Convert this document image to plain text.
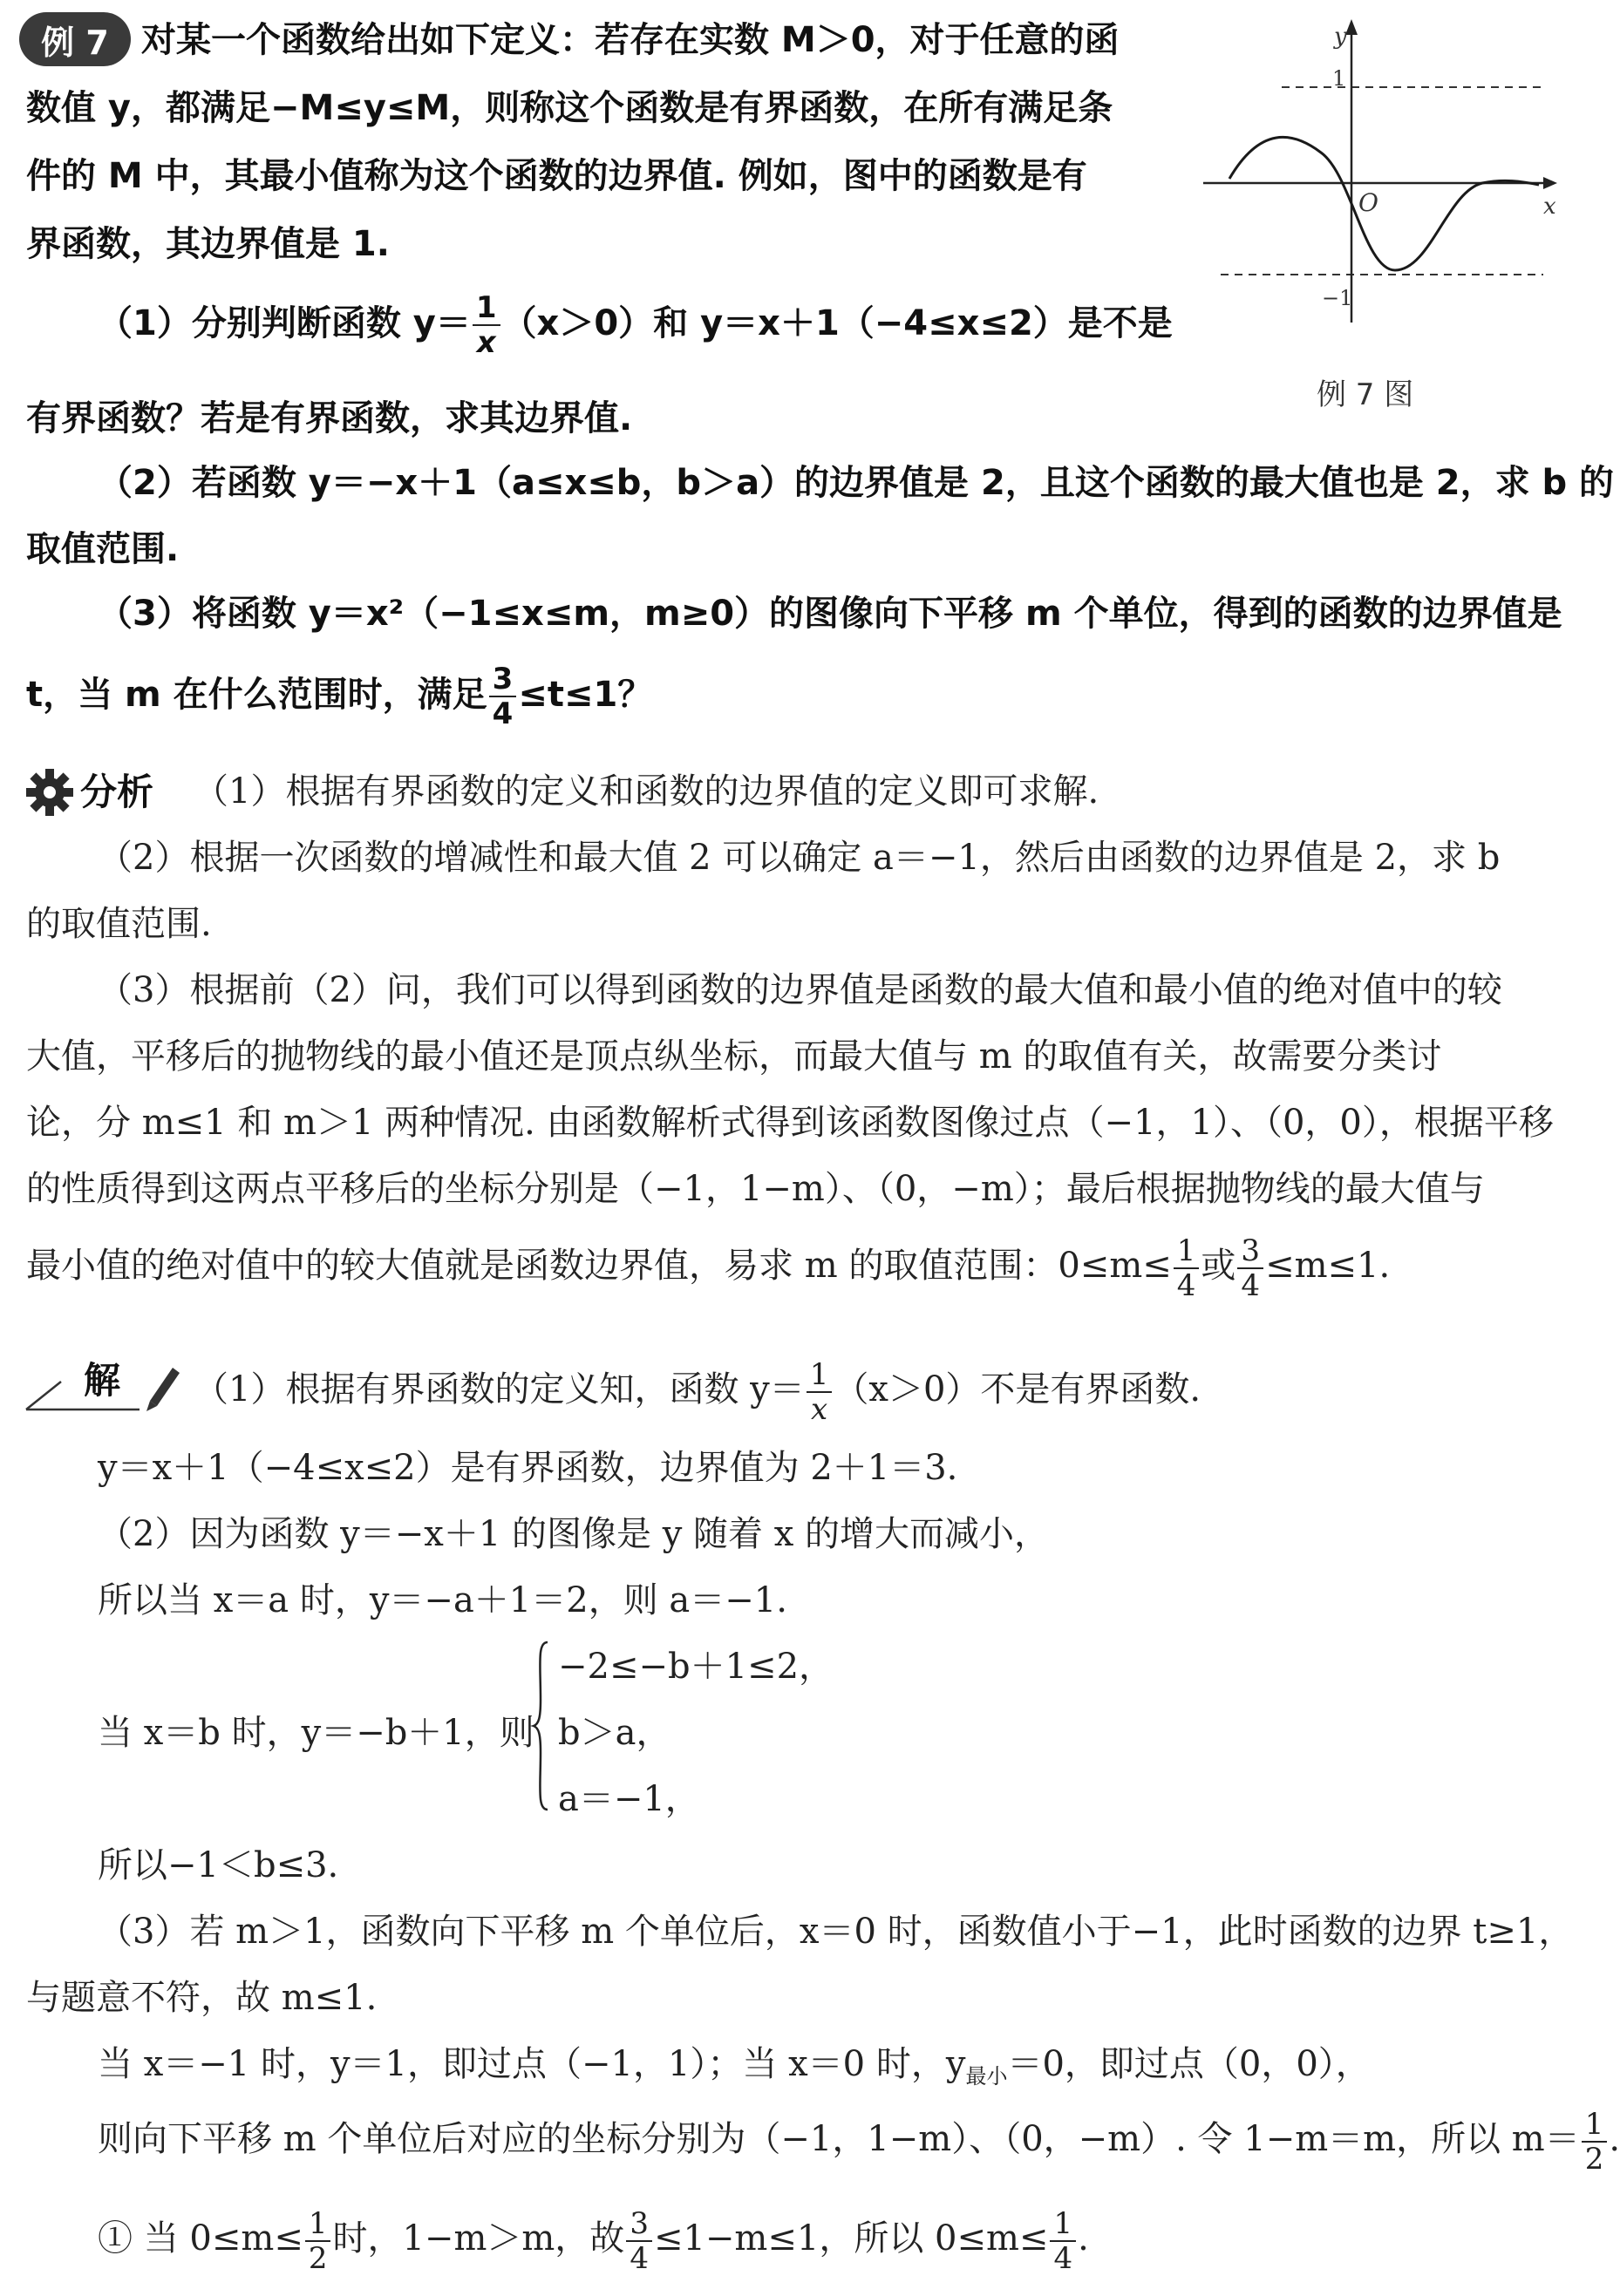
例 7 对某一个函数给出如下定义：若存在实数 M＞0，对于任意的函
数值 y，都满足−M≤y≤M，则称这个函数是有界函数，在所有满足条
件的 M 中，其最小值称为这个函数的边界值. 例如，图中的函数是有
界函数，其边界值是 1.
（1）分别判断函数 $y= \frac{1}{x} (x>0)$和 y＝x＋1（−4≤x≤2）是不是
有界函数？若是有界函数，求其边界值.
（2）若函数 y＝−x＋1（a≤x≤b，b＞a）的边界值是 2，且这个函数的最大值也是 2，求 b 的
取值范围.
（3）将函数 y＝x²（−1≤x≤m，m≥0）的图像向下平移 m 个单位，得到的函数的边界值是
t，当 m 在什么范围时，满足 $\frac{3}{4} \le t\le 1$？
y
x
O
1
−1
例 7 图
分析 （1）根据有界函数的定义和函数的边界值的定义即可求解.
（2）根据一次函数的增减性和最大值 2 可以确定 a＝−1，然后由函数的边界值是 2，求 b
的取值范围.
（3）根据前（2）问，我们可以得到函数的边界值是函数的最大值和最小值的绝对值中的较
大值，平移后的抛物线的最小值还是顶点纵坐标，而最大值与 m 的取值有关，故需要分类讨
论，分 m≤1 和 m＞1 两种情况. 由函数解析式得到该函数图像过点（−1，1）、（0，0），根据平移
的性质得到这两点平移后的坐标分别是（−1，1−m）、（0，−m）；最后根据抛物线的最大值与
最小值的绝对值中的较大值就是函数边界值，易求 m 的取值范围：$0\le m\le \frac{1}{4}$ 或 $\frac{3}{4} \le m\le 1$.
解 （1）根据有界函数的定义知，函数 $y= \frac{1}{x} (x>0)$不是有界函数.
y＝x＋1（−4≤x≤2）是有界函数，边界值为 2＋1＝3.
（2）因为函数 y＝−x＋1 的图像是 y 随着 x 的增大而减小，
所以当 x＝a 时，y＝−a＋1＝2，则 a＝−1.
−2≤−b＋1≤2，
当 x＝b 时，y＝−b＋1，则 b＞a，
a＝−1，
所以−1＜b≤3.
（3）若 m＞1，函数向下平移 m 个单位后，x＝0 时，函数值小于−1，此时函数的边界 t≥1，
与题意不符，故 m≤1.
当 x＝−1 时，y＝1，即过点（−1，1）；当 x＝0 时，$y_{最小}=0$，即过点（0，0），
则向下平移 m 个单位后对应的坐标分别为（−1，1−m）、（0，−m）. 令 1−m＝m，所以 $m= \frac{1}{2}$ .
① 当 $0\le m\le \frac{1}{2}$ 时，1−m＞m，故 $\frac{3}{4} \le 1-m\le 1$，所以 $0\le m\le \frac{1}{4}$ .
